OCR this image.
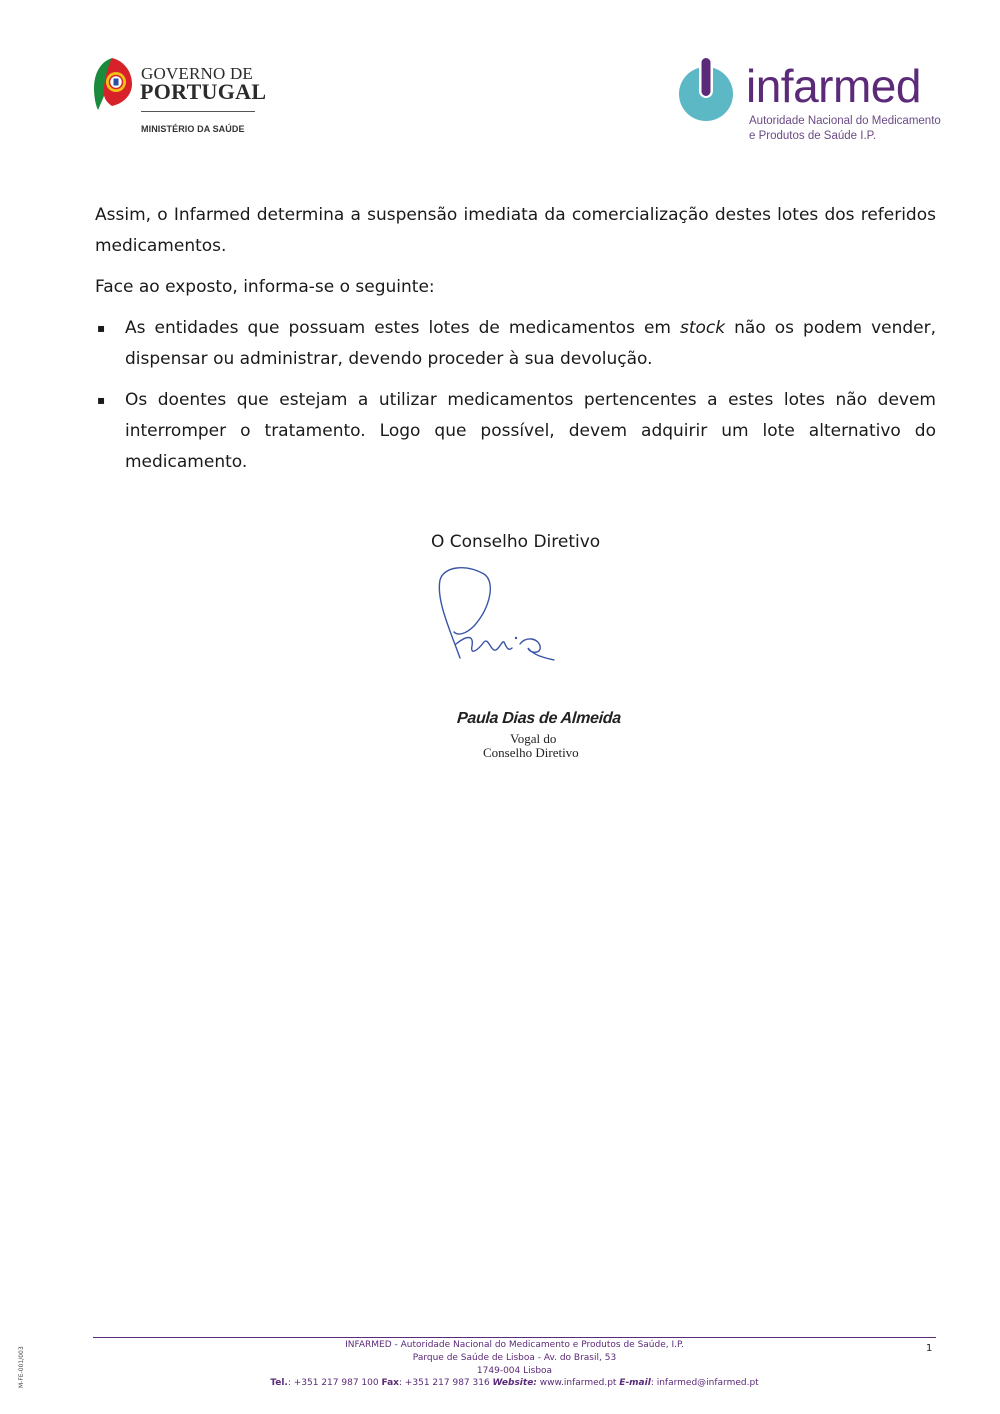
GOVERNO DE
PORTUGAL
MINISTÉRIO DA SAÚDE
infarmed
Autoridade Nacional do Medicamento
e Produtos de Saúde I.P.

Assim, o Infarmed determina a suspensão imediata da comercialização destes lotes dos referidos medicamentos.

Face ao exposto, informa-se o seguinte:

▪ As entidades que possuam estes lotes de medicamentos em stock não os podem vender, dispensar ou administrar, devendo proceder à sua devolução.
▪ Os doentes que estejam a utilizar medicamentos pertencentes a estes lotes não devem interromper o tratamento. Logo que possível, devem adquirir um lote alternativo do medicamento.
O Conselho Diretivo
Paula Dias de Almeida
Vogal do
Conselho Diretivo
INFARMED - Autoridade Nacional do Medicamento e Produtos de Saúde, I.P.
Parque de Saúde de Lisboa - Av. do Brasil, 53
1749-004 Lisboa
Tel.: +351 217 987 100 Fax: +351 217 987 316 Website: www.infarmed.pt E-mail: infarmed@infarmed.pt
1
M-FE-001/003
